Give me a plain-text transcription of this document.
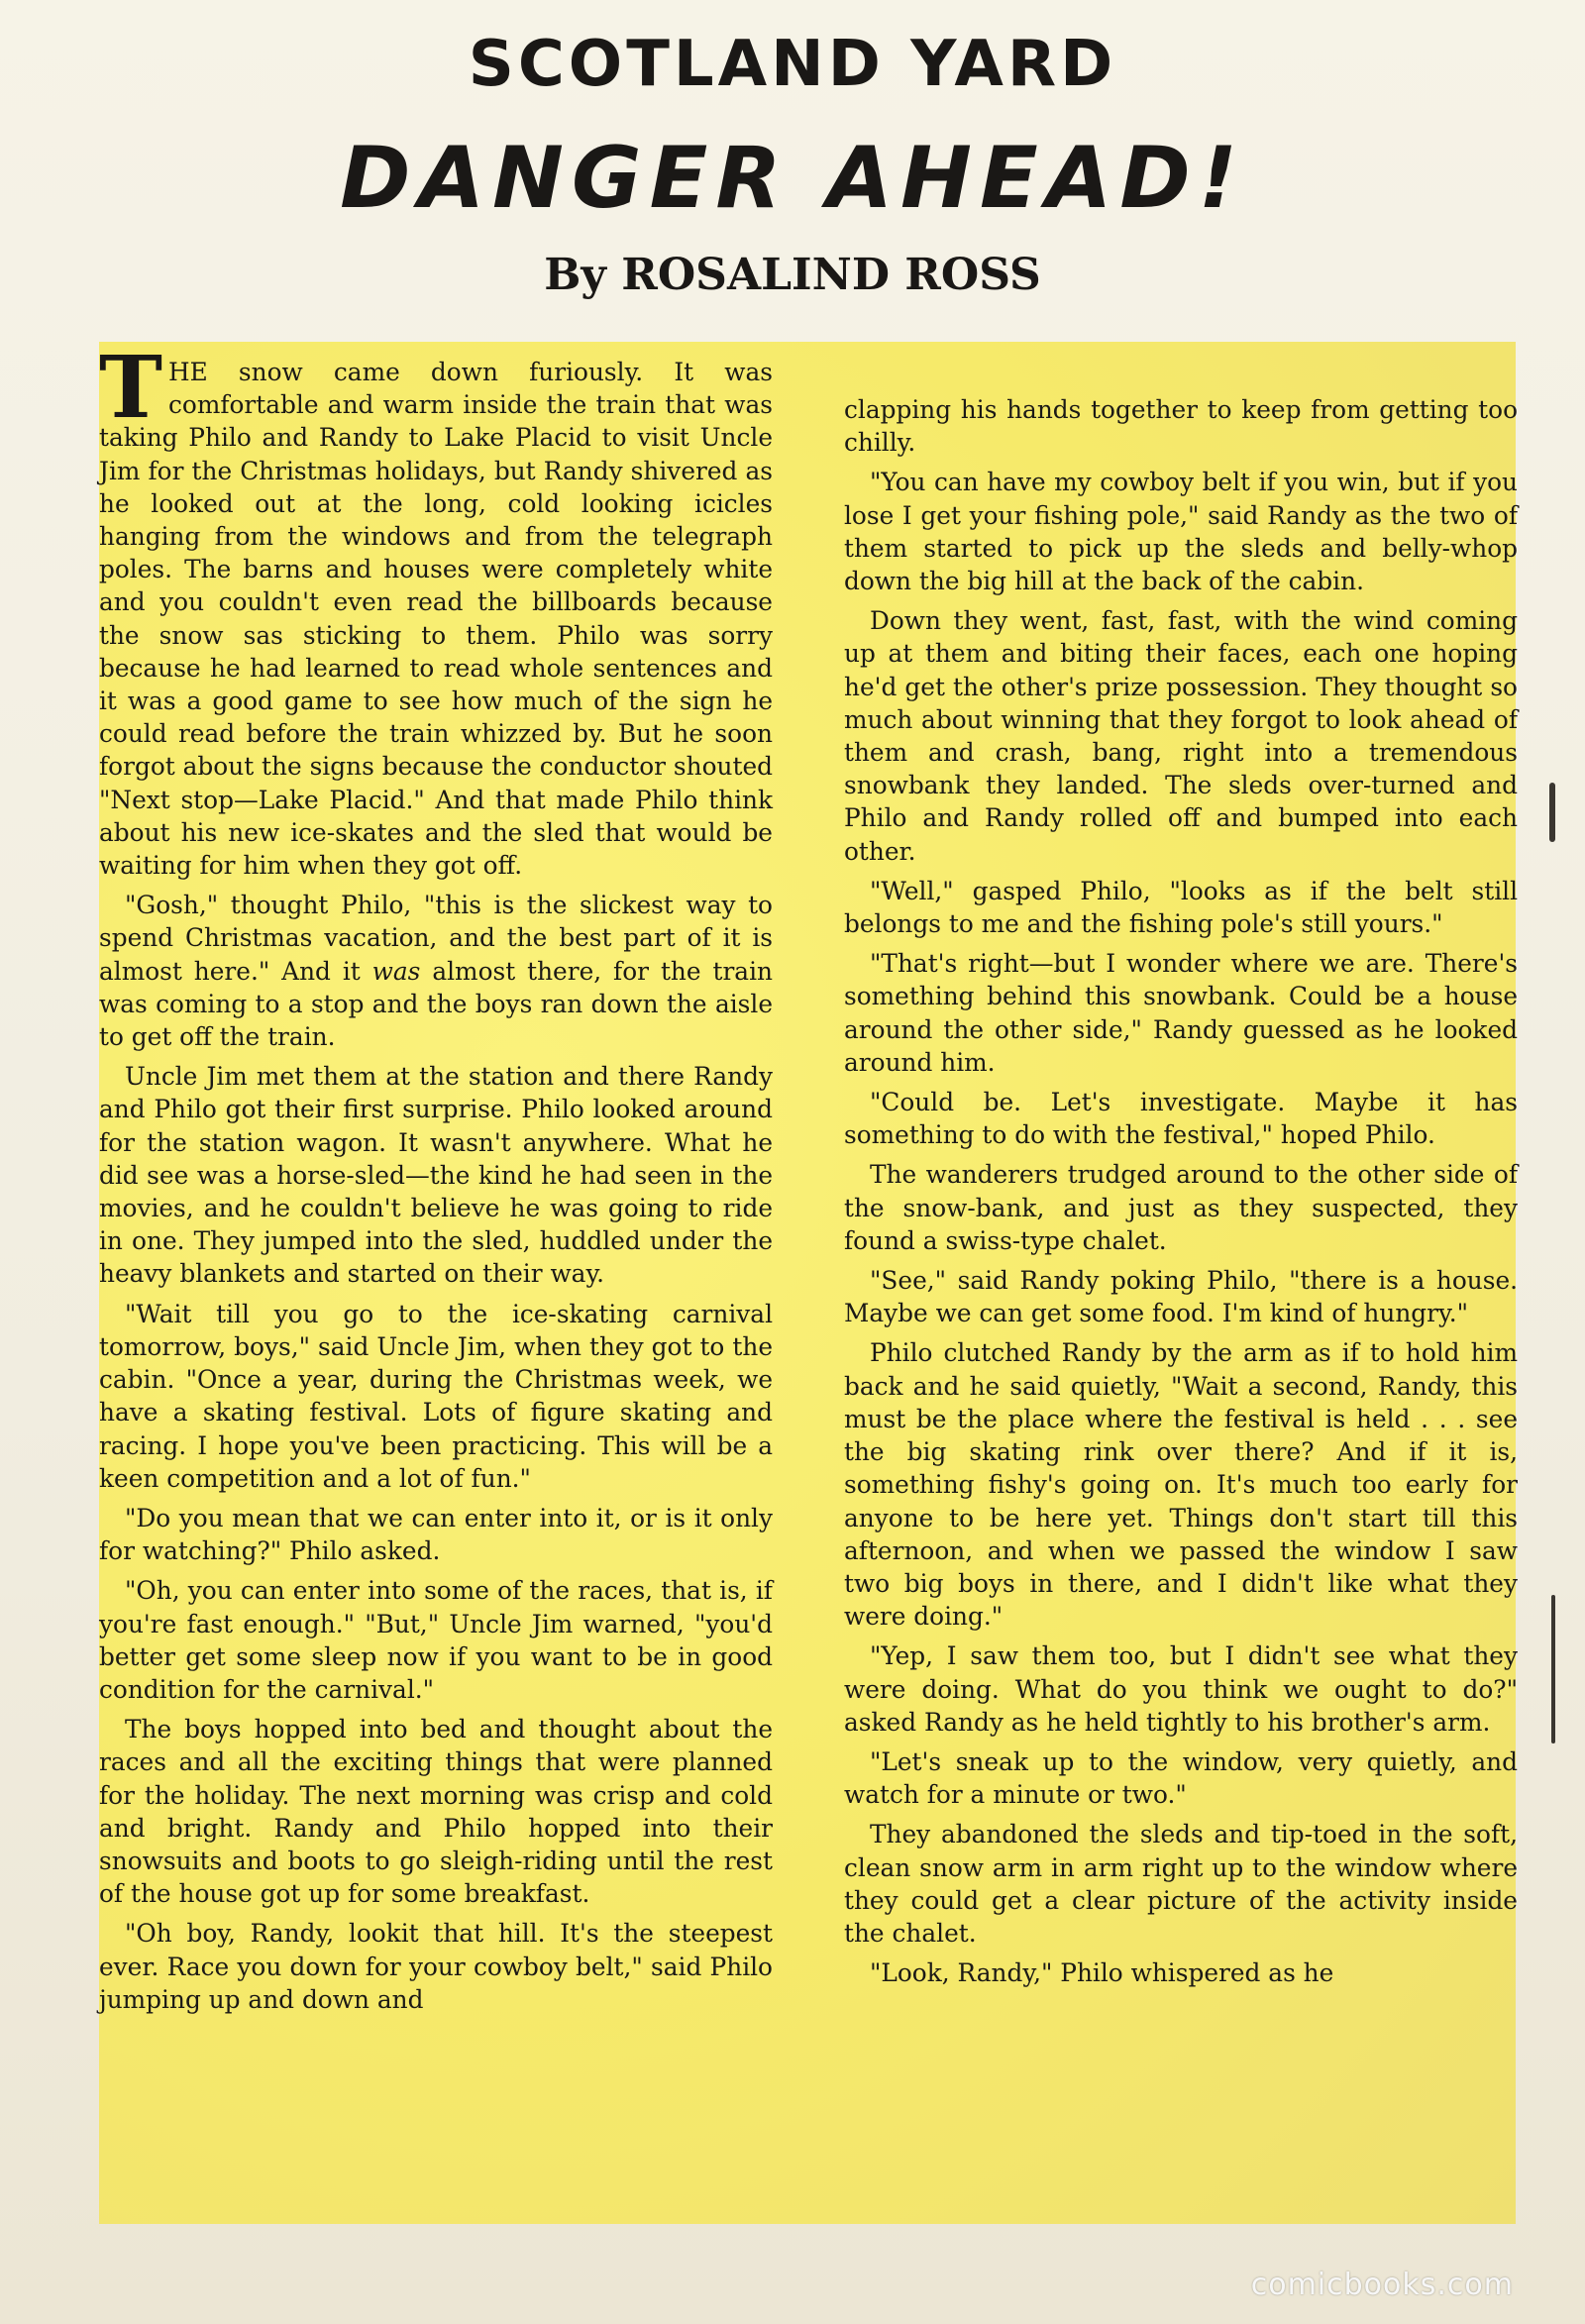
SCOTLAND YARD
DANGER AHEAD!
By ROSALIND ROSS

THE snow came down furiously. It was comfortable and warm inside the train that was taking Philo and Randy to Lake Placid to visit Uncle Jim for the Christmas holidays, but Randy shivered as he looked out at the long, cold looking icicles hanging from the windows and from the telegraph poles. The barns and houses were completely white and you couldn't even read the billboards because the snow sas sticking to them. Philo was sorry because he had learned to read whole sentences and it was a good game to see how much of the sign he could read before the train whizzed by. But he soon forgot about the signs because the conductor shouted "Next stop—Lake Placid." And that made Philo think about his new ice-skates and the sled that would be waiting for him when they got off.

"Gosh," thought Philo, "this is the slickest way to spend Christmas vacation, and the best part of it is almost here." And it was almost there, for the train was coming to a stop and the boys ran down the aisle to get off the train.

Uncle Jim met them at the station and there Randy and Philo got their first surprise. Philo looked around for the station wagon. It wasn't anywhere. What he did see was a horse-sled—the kind he had seen in the movies, and he couldn't believe he was going to ride in one. They jumped into the sled, huddled under the heavy blankets and started on their way.

"Wait till you go to the ice-skating carnival tomorrow, boys," said Uncle Jim, when they got to the cabin. "Once a year, during the Christmas week, we have a skating festival. Lots of figure skating and racing. I hope you've been practicing. This will be a keen competition and a lot of fun."

"Do you mean that we can enter into it, or is it only for watching?" Philo asked.

"Oh, you can enter into some of the races, that is, if you're fast enough." "But," Uncle Jim warned, "you'd better get some sleep now if you want to be in good condition for the carnival."

The boys hopped into bed and thought about the races and all the exciting things that were planned for the holiday. The next morning was crisp and cold and bright. Randy and Philo hopped into their snowsuits and boots to go sleigh-riding until the rest of the house got up for some breakfast.

"Oh boy, Randy, lookit that hill. It's the steepest ever. Race you down for your cowboy belt," said Philo jumping up and down and

clapping his hands together to keep from getting too chilly.

"You can have my cowboy belt if you win, but if you lose I get your fishing pole," said Randy as the two of them started to pick up the sleds and belly-whop down the big hill at the back of the cabin.

Down they went, fast, fast, with the wind coming up at them and biting their faces, each one hoping he'd get the other's prize possession. They thought so much about winning that they forgot to look ahead of them and crash, bang, right into a tremendous snowbank they landed. The sleds over-turned and Philo and Randy rolled off and bumped into each other.

"Well," gasped Philo, "looks as if the belt still belongs to me and the fishing pole's still yours."

"That's right—but I wonder where we are. There's something behind this snowbank. Could be a house around the other side," Randy guessed as he looked around him.

"Could be. Let's investigate. Maybe it has something to do with the festival," hoped Philo.

The wanderers trudged around to the other side of the snow-bank, and just as they suspected, they found a swiss-type chalet.

"See," said Randy poking Philo, "there is a house. Maybe we can get some food. I'm kind of hungry."

Philo clutched Randy by the arm as if to hold him back and he said quietly, "Wait a second, Randy, this must be the place where the festival is held . . . see the big skating rink over there? And if it is, something fishy's going on. It's much too early for anyone to be here yet. Things don't start till this afternoon, and when we passed the window I saw two big boys in there, and I didn't like what they were doing."

"Yep, I saw them too, but I didn't see what they were doing. What do you think we ought to do?" asked Randy as he held tightly to his brother's arm.

"Let's sneak up to the window, very quietly, and watch for a minute or two."

They abandoned the sleds and tip-toed in the soft, clean snow arm in arm right up to the window where they could get a clear picture of the activity inside the chalet.

"Look, Randy," Philo whispered as he

comicbooks.com
